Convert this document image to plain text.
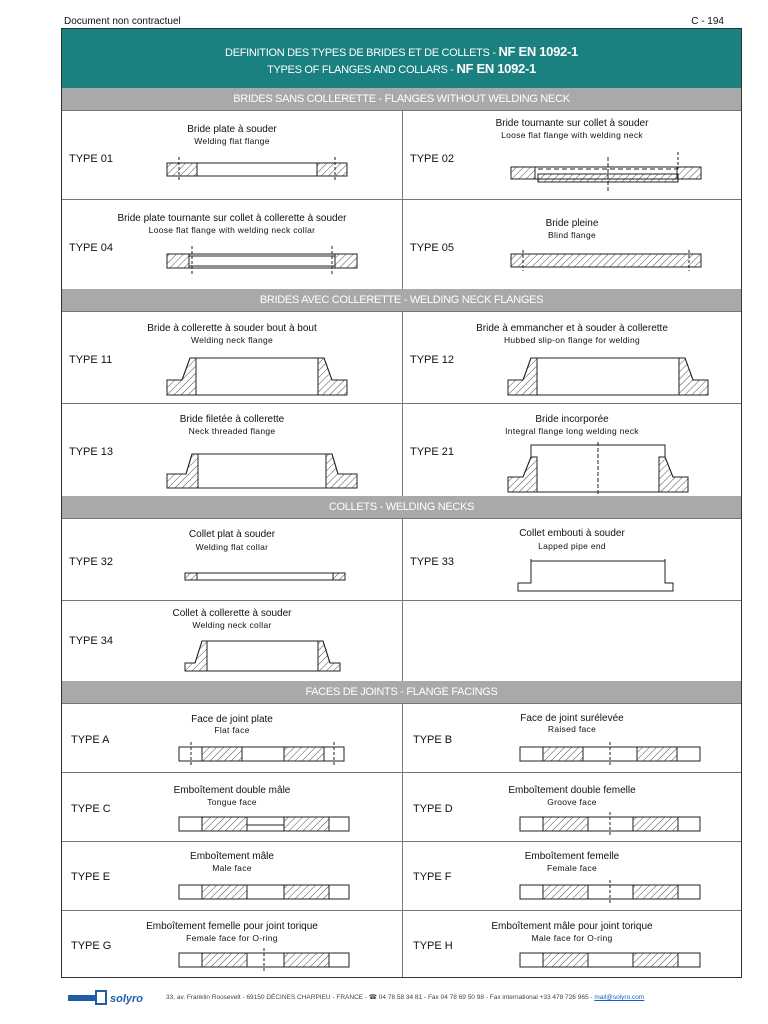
Document non contractuel	C - 194
DEFINITION DES TYPES DE BRIDES ET DE COLLETS - NF EN 1092-1
TYPES OF FLANGES AND COLLARS - NF EN 1092-1
BRIDES SANS COLLERETTE - FLANGES WITHOUT WELDING NECK
TYPE 01
Bride plate à souder
Welding flat flange
TYPE 02
Bride tournante sur collet à souder
Loose flat flange with welding neck
TYPE 04
Bride plate tournante sur collet à collerette à souder
Loose flat flange with welding neck collar
TYPE 05
Bride pleine
Blind flange
BRIDES AVEC COLLERETTE - WELDING NECK FLANGES
TYPE 11
Bride à collerette à souder bout à bout
Welding neck flange
TYPE 12
Bride à emmancher et à souder à collerette
Hubbed slip-on flange for welding
TYPE 13
Bride filetée à collerette
Neck threaded flange
TYPE 21
Bride incorporée
Integral flange long welding neck
COLLETS - WELDING NECKS
TYPE 32
Collet plat à souder
Welding flat collar
TYPE 33
Collet embouti à souder
Lapped pipe end
TYPE 34
Collet à collerette à souder
Welding neck collar
FACES DE JOINTS - FLANGE FACINGS
TYPE A
Face de joint plate
Flat face
TYPE B
Face de joint surélevée
Raised face
TYPE C
Emboîtement double mâle
Tongue face
TYPE D
Emboîtement double femelle
Groove face
TYPE E
Emboîtement mâle
Male face
TYPE F
Emboîtement femelle
Female face
TYPE G
Emboîtement femelle pour joint torique
Female face for O-ring
TYPE H
Emboîtement mâle pour joint torique
Male face for O-ring
solyro	33, av. Franklin Roosevelt - 69150 DÉCINES CHARPIEU - FRANCE - ☎ 04 78 58 34 81 - Fax 04 78 69 50 98 - Fax international +33 478 726 965 - mail@solyro.com
